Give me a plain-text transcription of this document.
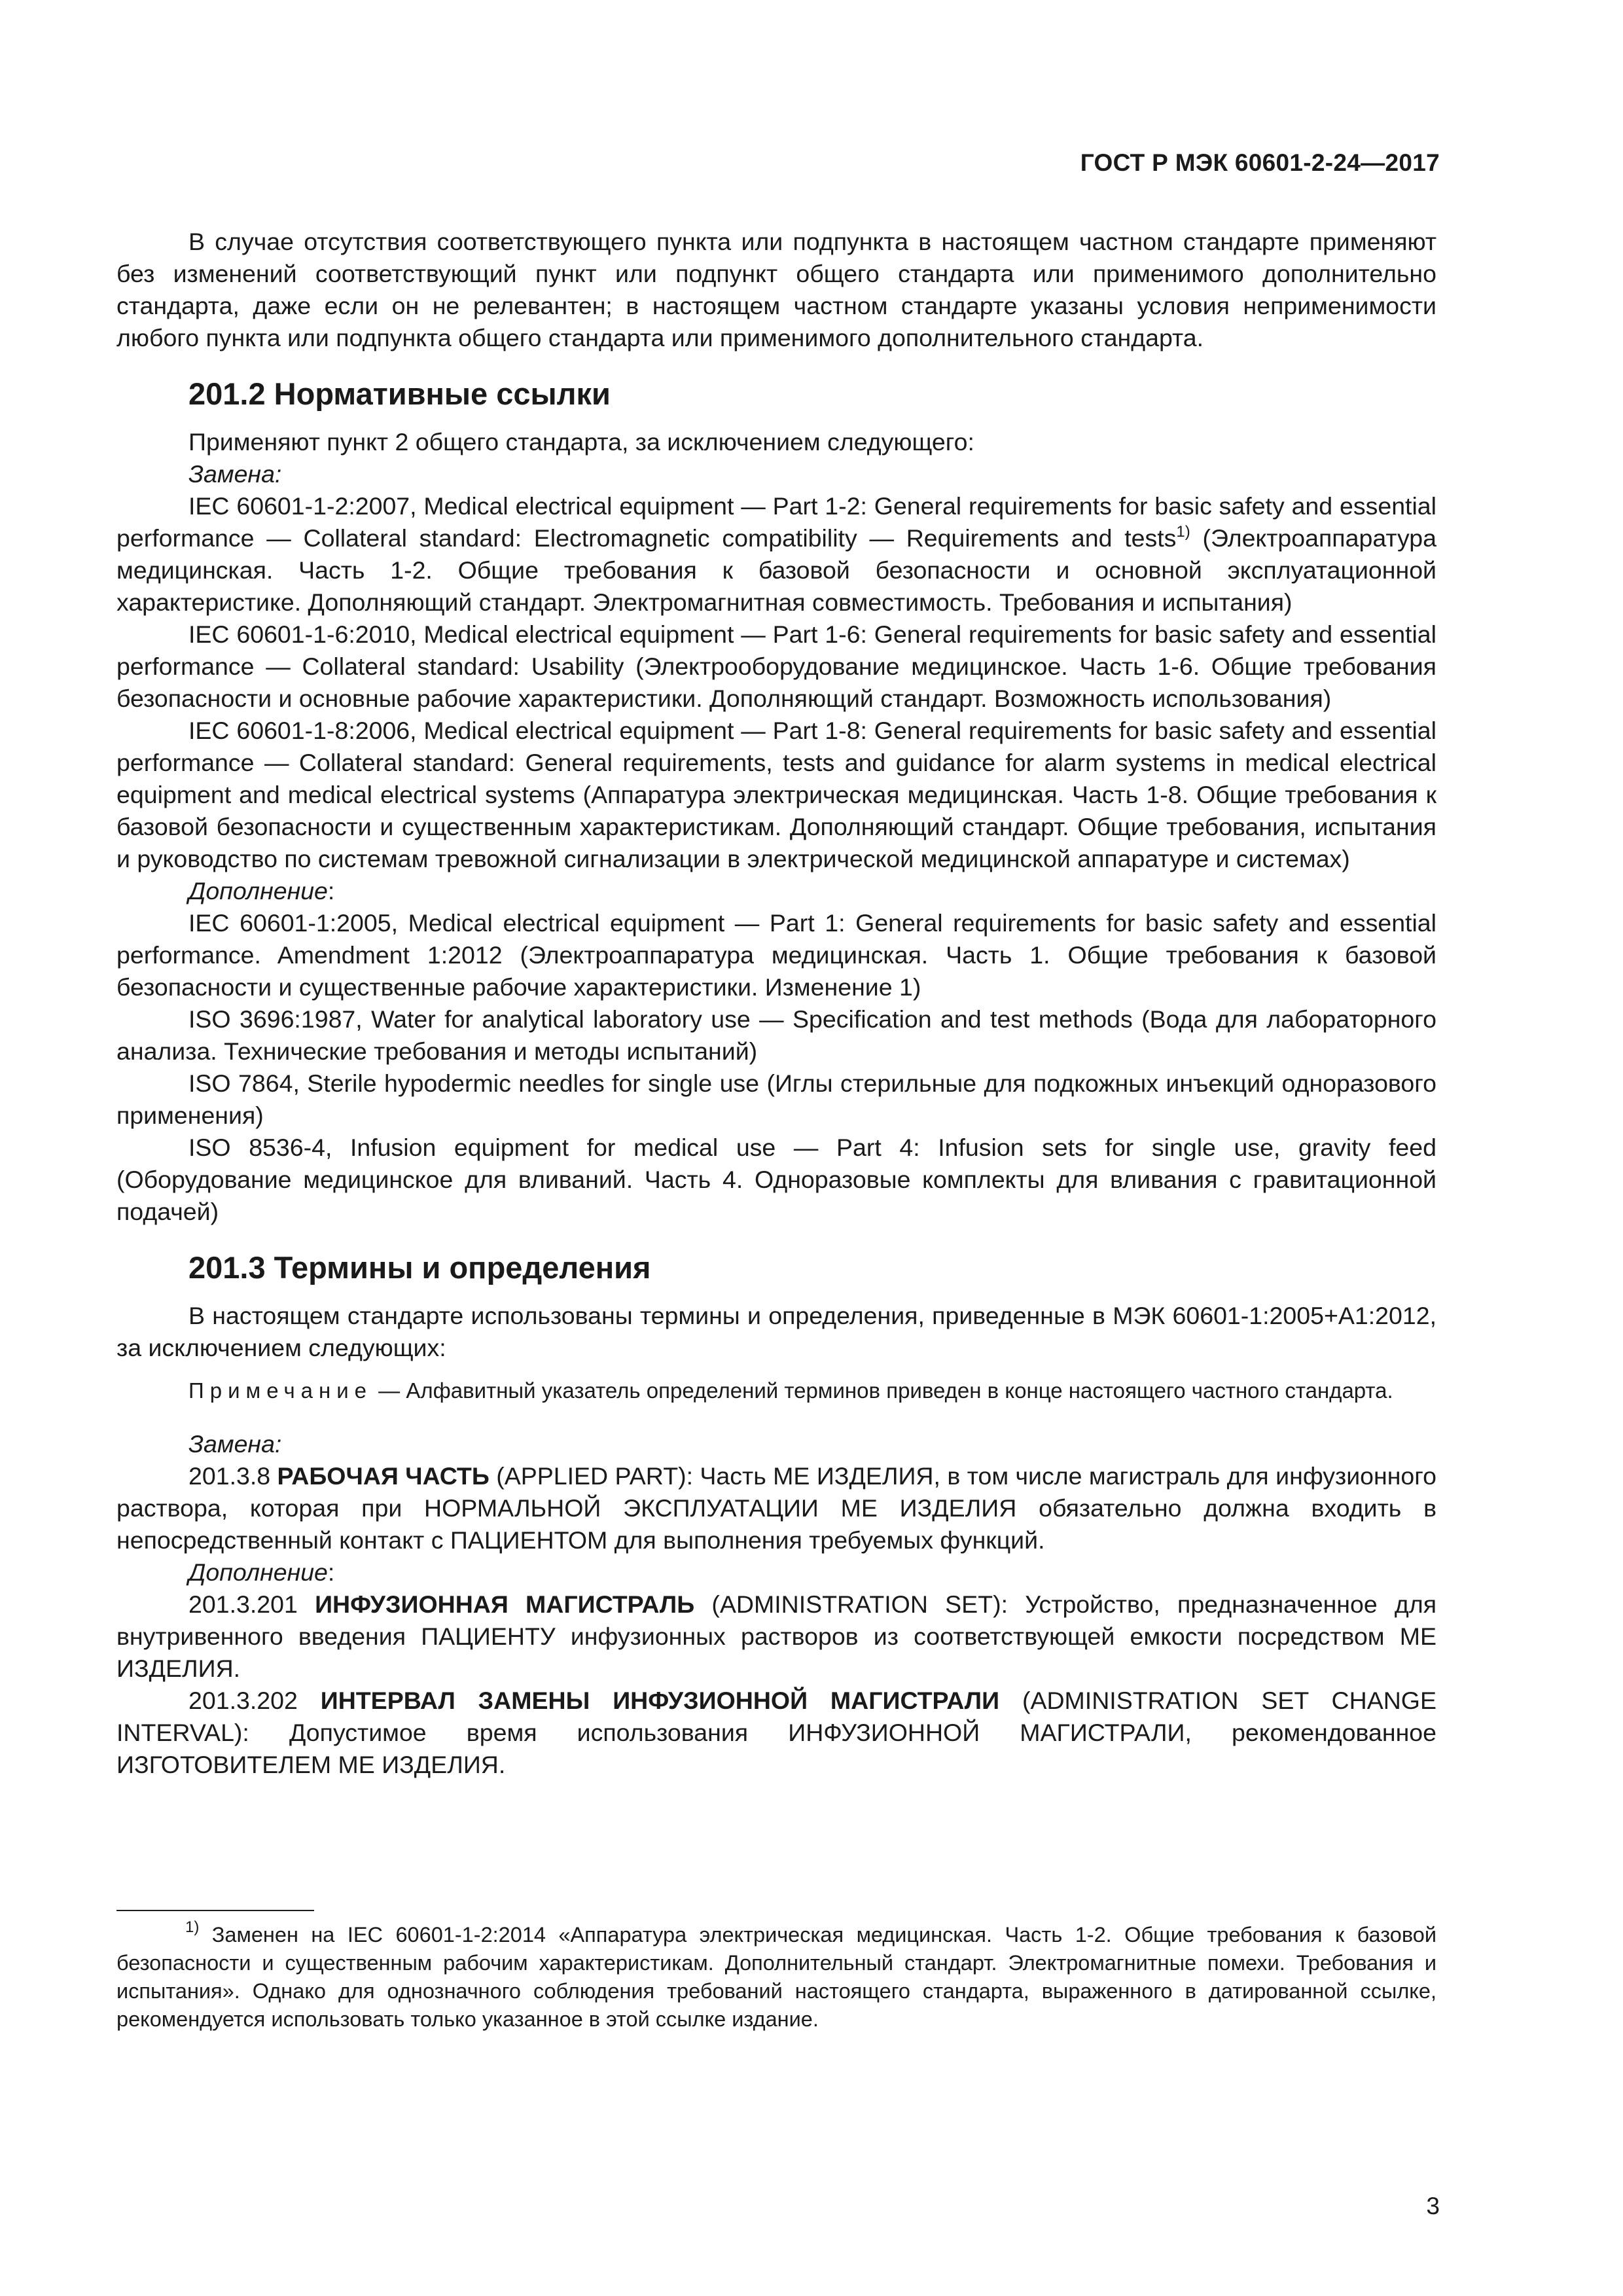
ГОСТ Р МЭК 60601-2-24—2017

В случае отсутствия соответствующего пункта или подпункта в настоящем частном стандарте применяют без изменений соответствующий пункт или подпункт общего стандарта или применимого дополнительно стандарта, даже если он не релевантен; в настоящем частном стандарте указаны условия неприменимости любого пункта или подпункта общего стандарта или применимого дополнительного стандарта.

201.2 Нормативные ссылки

Применяют пункт 2 общего стандарта, за исключением следующего:

Замена:

IEC 60601-1-2:2007, Medical electrical equipment — Part 1-2: General requirements for basic safety and essential performance — Collateral standard: Electromagnetic compatibility — Requirements and tests$^{1)}$ (Электроаппаратура медицинская. Часть 1-2. Общие требования к базовой безопасности и основной эксплуатационной характеристике. Дополняющий стандарт. Электромагнитная совместимость. Требования и испытания)

IEC 60601-1-6:2010, Medical electrical equipment — Part 1-6: General requirements for basic safety and essential performance — Collateral standard: Usability (Электрооборудование медицинское. Часть 1-6. Общие требования безопасности и основные рабочие характеристики. Дополняющий стандарт. Возможность использования)

IEC 60601-1-8:2006, Medical electrical equipment — Part 1-8: General requirements for basic safety and essential performance — Collateral standard: General requirements, tests and guidance for alarm systems in medical electrical equipment and medical electrical systems (Аппаратура электрическая медицинская. Часть 1-8. Общие требования к базовой безопасности и существенным характеристикам. Дополняющий стандарт. Общие требования, испытания и руководство по системам тревожной сигнализации в электрической медицинской аппаратуре и системах)

Дополнение:

IEC 60601-1:2005, Medical electrical equipment — Part 1: General requirements for basic safety and essential performance. Amendment 1:2012 (Электроаппаратура медицинская. Часть 1. Общие требования к базовой безопасности и существенные рабочие характеристики. Изменение 1)

ISO 3696:1987, Water for analytical laboratory use — Specification and test methods (Вода для лабораторного анализа. Технические требования и методы испытаний)

ISO 7864, Sterile hypodermic needles for single use (Иглы стерильные для подкожных инъекций одноразового применения)

ISO 8536-4, Infusion equipment for medical use — Part 4: Infusion sets for single use, gravity feed (Оборудование медицинское для вливаний. Часть 4. Одноразовые комплекты для вливания с гравитационной подачей)

201.3 Термины и определения

В настоящем стандарте использованы термины и определения, приведенные в МЭК 60601-1:2005+А1:2012, за исключением следующих:

Примечание — Алфавитный указатель определений терминов приведен в конце настоящего частного стандарта.

Замена:

201.3.8 РАБОЧАЯ ЧАСТЬ (APPLIED PART): Часть МЕ ИЗДЕЛИЯ, в том числе магистраль для инфузионного раствора, которая при НОРМАЛЬНОЙ ЭКСПЛУАТАЦИИ МЕ ИЗДЕЛИЯ обязательно должна входить в непосредственный контакт с ПАЦИЕНТОМ для выполнения требуемых функций.

Дополнение:

201.3.201 ИНФУЗИОННАЯ МАГИСТРАЛЬ (ADMINISTRATION SET): Устройство, предназначенное для внутривенного введения ПАЦИЕНТУ инфузионных растворов из соответствующей емкости посредством МЕ ИЗДЕЛИЯ.

201.3.202 ИНТЕРВАЛ ЗАМЕНЫ ИНФУЗИОННОЙ МАГИСТРАЛИ (ADMINISTRATION SET CHANGE INTERVAL): Допустимое время использования ИНФУЗИОННОЙ МАГИСТРАЛИ, рекомендованное ИЗГОТОВИТЕЛЕМ МЕ ИЗДЕЛИЯ.

$^{1)}$ Заменен на IEC 60601-1-2:2014 «Аппаратура электрическая медицинская. Часть 1-2. Общие требования к базовой безопасности и существенным рабочим характеристикам. Дополнительный стандарт. Электромагнитные помехи. Требования и испытания». Однако для однозначного соблюдения требований настоящего стандарта, выраженного в датированной ссылке, рекомендуется использовать только указанное в этой ссылке издание.

3
